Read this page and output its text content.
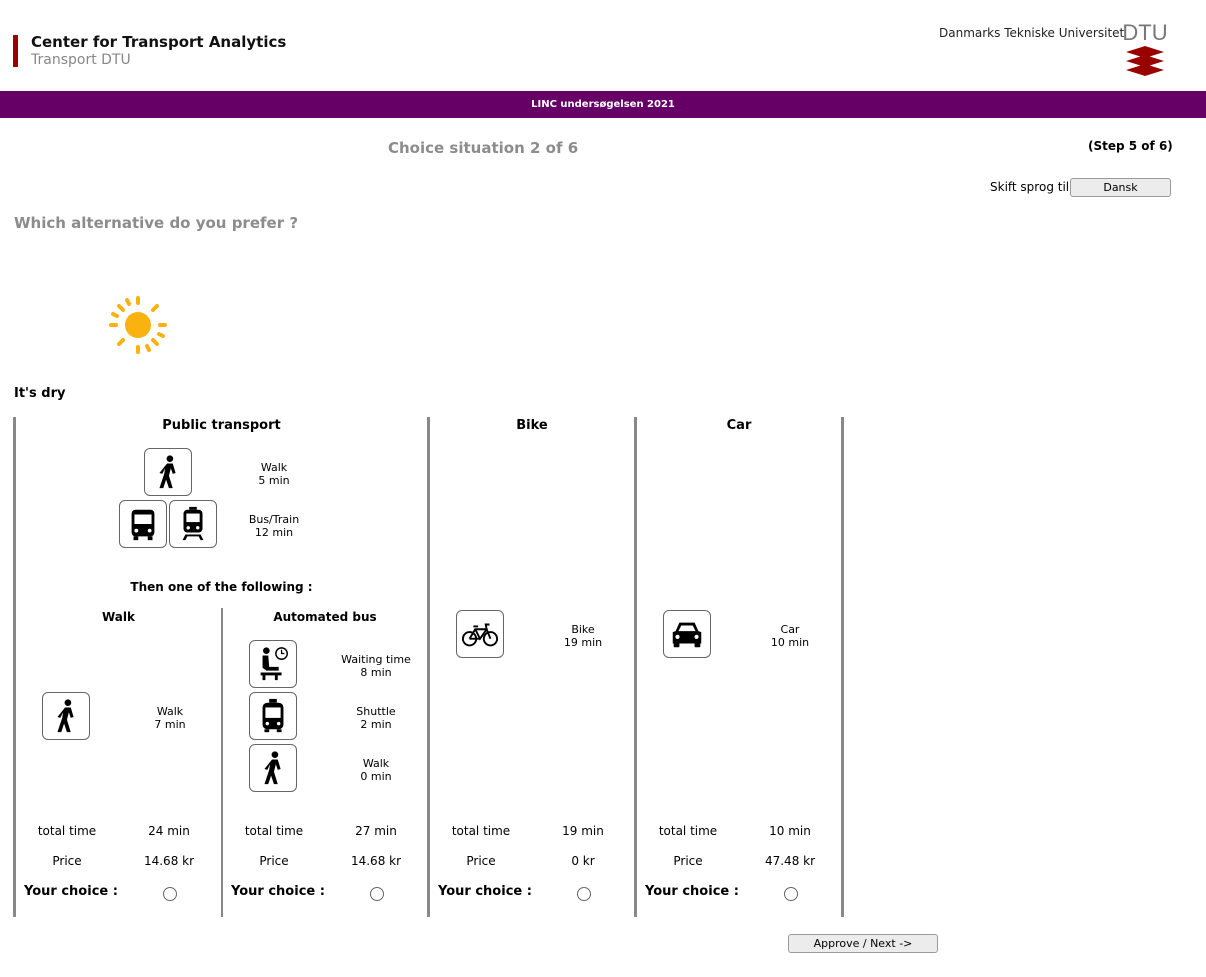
Center for Transport Analytics
Transport DTU
Danmarks Tekniske Universitet
DTU
LINC undersøgelsen 2021
Choice situation 2 of 6	(Step 5 of 6)
Skift sprog til	Dansk
Which alternative do you prefer ?
It's dry
Public transport
Walk
5 min
Bus/Train
12 min
Then one of the following :
Walk
Walk
7 min
total time	24 min
Price	14.68 kr
Your choice :
Automated bus
Waiting time
8 min
Shuttle
2 min
Walk
0 min
total time	27 min
Price	14.68 kr
Your choice :
Bike
Bike
19 min
total time	19 min
Price	0 kr
Your choice :
Car
Car
10 min
total time	10 min
Price	47.48 kr
Your choice :
Approve / Next ->
